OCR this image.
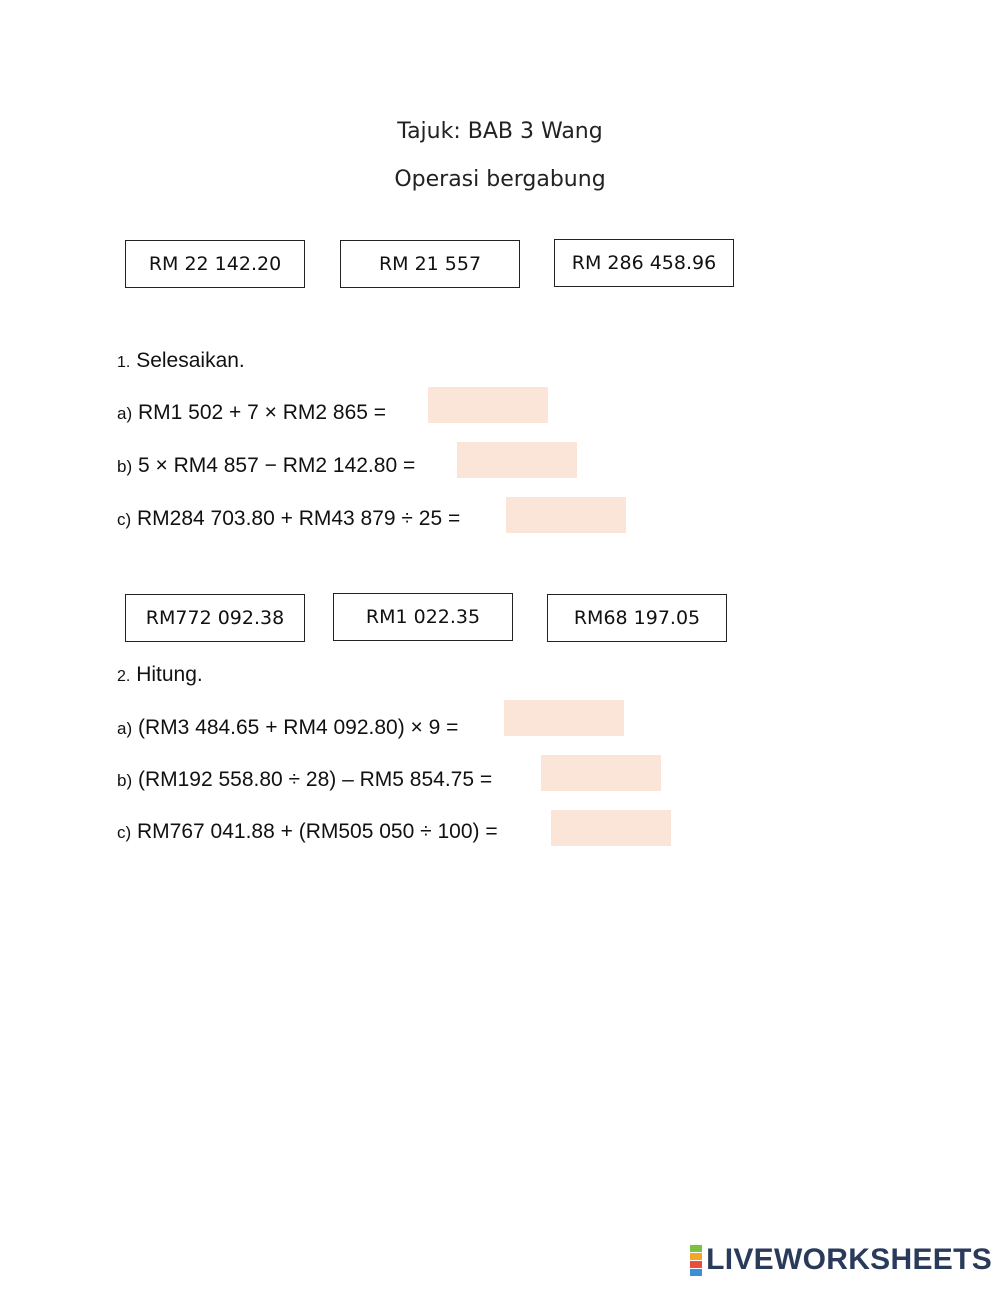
Tajuk: BAB 3 Wang
Operasi bergabung
RM 22 142.20	RM 21 557	RM 286 458.96
1. Selesaikan.
a) RM1 502 + 7 × RM2 865 =
b) 5 × RM4 857 − RM2 142.80 =
c) RM284 703.80 + RM43 879 ÷ 25 =
RM772 092.38	RM1 022.35	RM68 197.05
2. Hitung.
a) (RM3 484.65 + RM4 092.80) × 9 =
b) (RM192 558.80 ÷ 28) – RM5 854.75 =
c) RM767 041.88 + (RM505 050 ÷ 100) =
LIVEWORKSHEETS
